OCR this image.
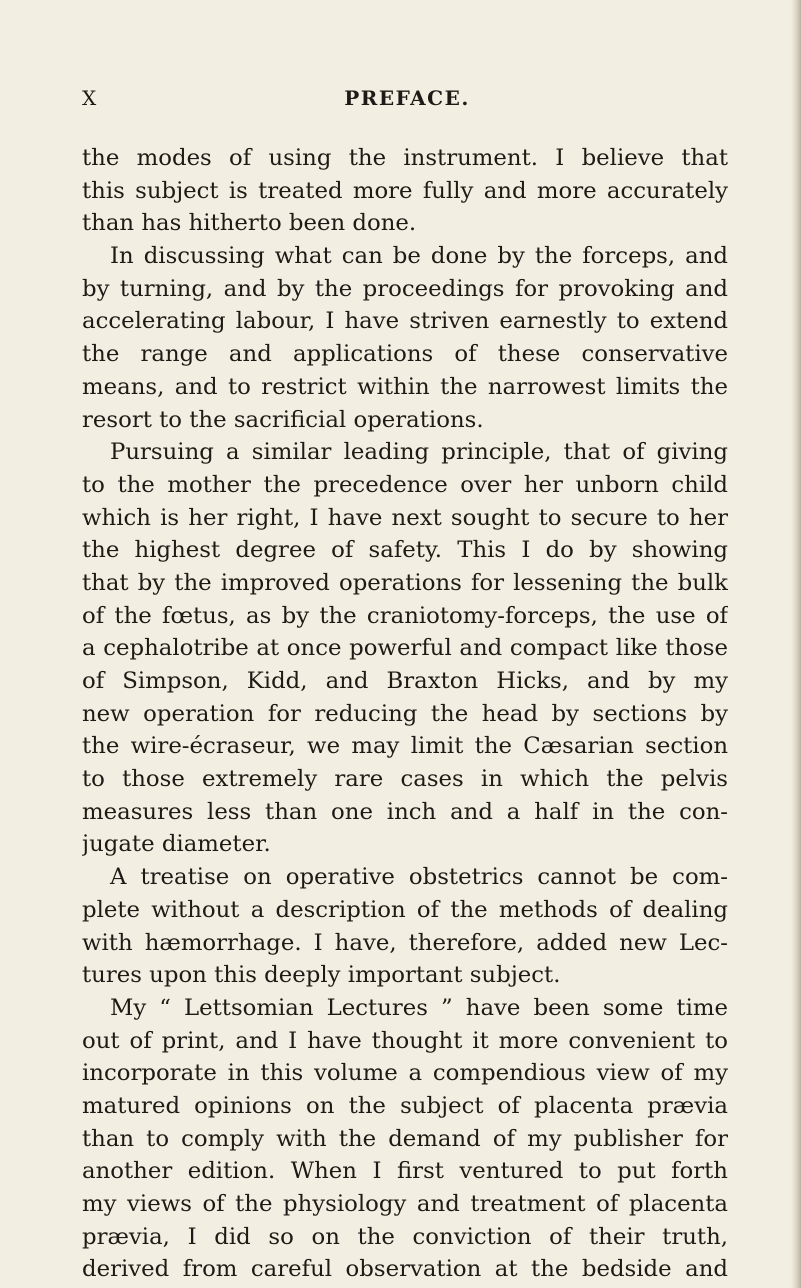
X	PREFACE.
the modes of using the instrument. I believe that
this subject is treated more fully and more accurately
than has hitherto been done.
In discussing what can be done by the forceps, and
by turning, and by the proceedings for provoking and
accelerating labour, I have striven earnestly to extend
the range and applications of these conservative
means, and to restrict within the narrowest limits the
resort to the sacrificial operations.
Pursuing a similar leading principle, that of giving
to the mother the precedence over her unborn child
which is her right, I have next sought to secure to her
the highest degree of safety. This I do by showing
that by the improved operations for lessening the bulk
of the fœtus, as by the craniotomy-forceps, the use of
a cephalotribe at once powerful and compact like those
of Simpson, Kidd, and Braxton Hicks, and by my
new operation for reducing the head by sections by
the wire-écraseur, we may limit the Cæsarian section
to those extremely rare cases in which the pelvis
measures less than one inch and a half in the con-
jugate diameter.
A treatise on operative obstetrics cannot be com-
plete without a description of the methods of dealing
with hæmorrhage. I have, therefore, added new Lec-
tures upon this deeply important subject.
My “ Lettsomian Lectures ” have been some time
out of print, and I have thought it more convenient to
incorporate in this volume a compendious view of my
matured opinions on the subject of placenta prævia
than to comply with the demand of my publisher for
another edition. When I first ventured to put forth
my views of the physiology and treatment of placenta
prævia, I did so on the conviction of their truth,
derived from careful observation at the bedside and
